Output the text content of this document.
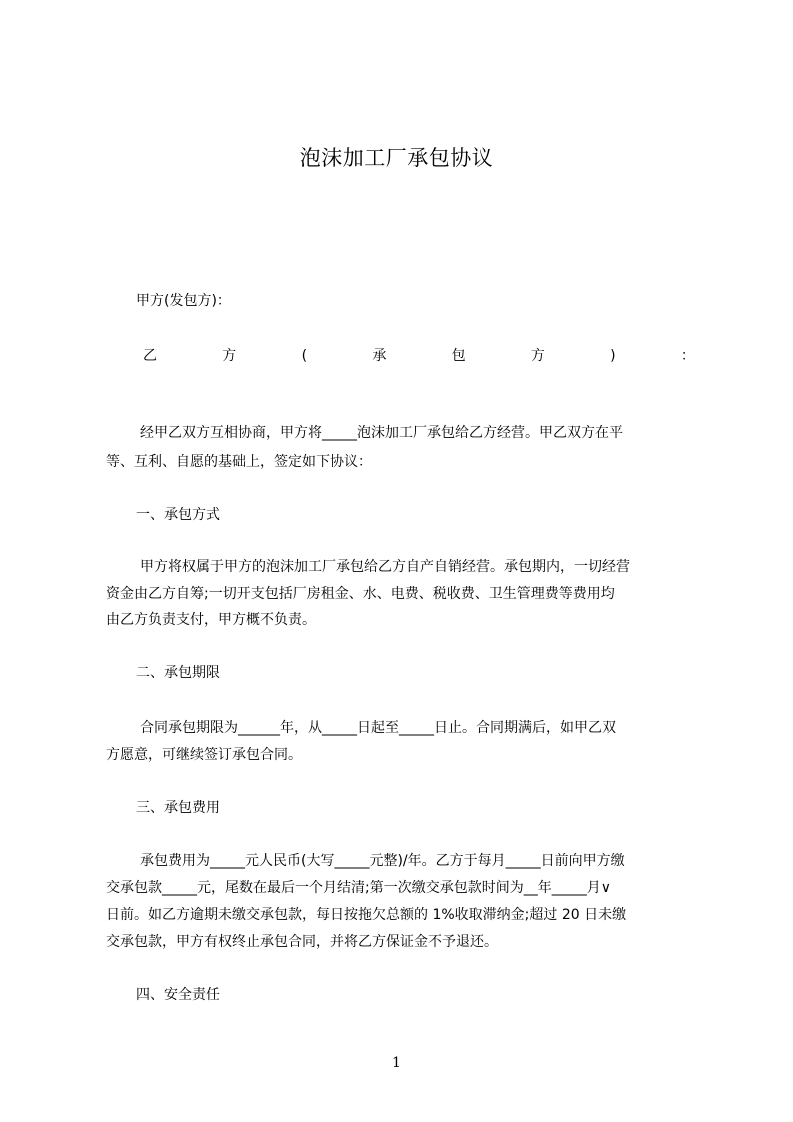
泡沫加工厂承包协议
甲方(发包方)：
乙	方	(	承	包	方	)	：
经甲乙双方互相协商，甲方将_____泡沫加工厂承包给乙方经营。甲乙双方在平
等、互利、自愿的基础上，签定如下协议：
一、承包方式
甲方将权属于甲方的泡沫加工厂承包给乙方自产自销经营。承包期内，一切经营
资金由乙方自筹;一切开支包括厂房租金、水、电费、税收费、卫生管理费等费用均
由乙方负责支付，甲方概不负责。
二、承包期限
合同承包期限为______年，从_____日起至_____日止。合同期满后，如甲乙双
方愿意，可继续签订承包合同。
三、承包费用
承包费用为_____元人民币(大写_____元整)/年。乙方于每月_____日前向甲方缴
交承包款_____元，尾数在最后一个月结清;第一次缴交承包款时间为__年_____月∨
日前。如乙方逾期未缴交承包款，每日按拖欠总额的 1%收取滞纳金;超过 20 日未缴
交承包款，甲方有权终止承包合同，并将乙方保证金不予退还。
四、安全责任
1
